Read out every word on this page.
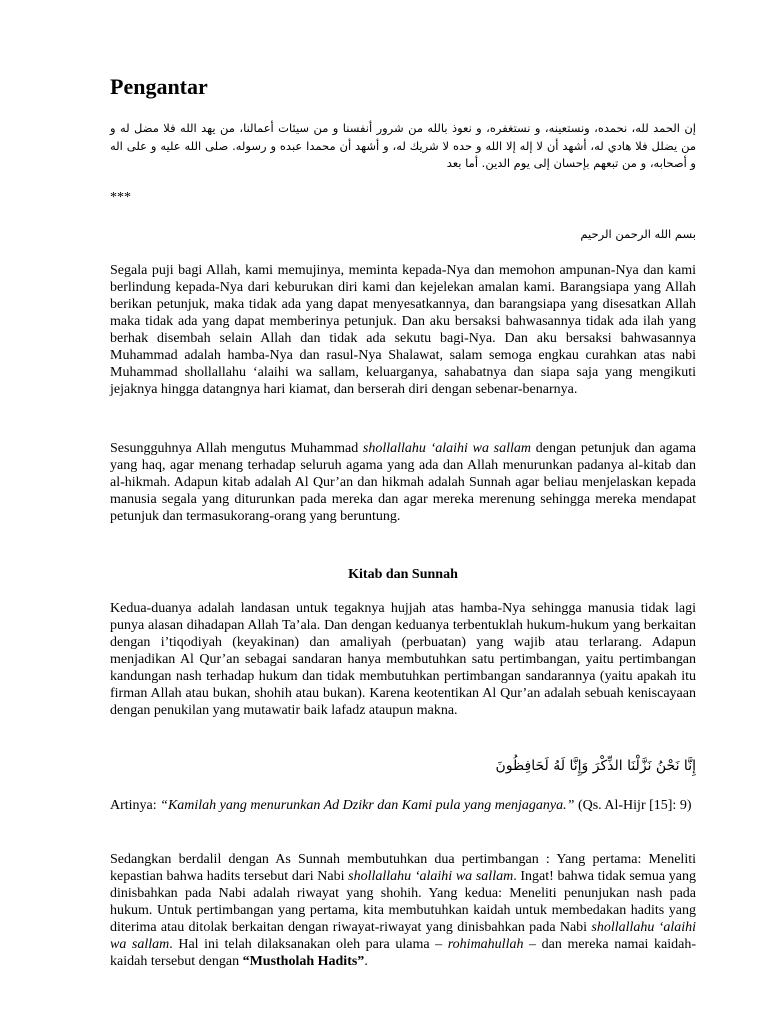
Pengantar
إن الحمد لله، نحمده، ونستعينه، و نستغفره، و نعوذ بالله من شرور أنفسنا و من سيئات أعمالنا، من يهد الله فلا مضل له و من يضلل فلا هادي له، أشهد أن لا إله إلا الله و حده لا شريك له، و أشهد أن محمدا عبده و رسوله. صلى الله عليه و على اله و أصحابه، و من تبعهم بإحسان إلى يوم الدين. أما بعد
***
بسم الله الرحمن الرحيم

Segala puji bagi Allah, kami memujinya, meminta kepada-Nya dan memohon ampunan-Nya dan kami berlindung kepada-Nya dari keburukan diri kami dan kejelekan amalan kami. Barangsiapa yang Allah berikan petunjuk, maka tidak ada yang dapat menyesatkannya, dan barangsiapa yang disesatkan Allah maka tidak ada yang dapat memberinya petunjuk. Dan aku bersaksi bahwasannya tidak ada ilah yang berhak disembah selain Allah dan tidak ada sekutu bagi-Nya. Dan aku bersaksi bahwasannya Muhammad adalah hamba-Nya dan rasul-Nya Shalawat, salam semoga engkau curahkan atas nabi Muhammad shollallahu ‘alaihi wa sallam, keluarganya, sahabatnya dan siapa saja yang mengikuti jejaknya hingga datangnya hari kiamat, dan berserah diri dengan sebenar-benarnya.

Sesungguhnya Allah mengutus Muhammad shollallahu ‘alaihi wa sallam dengan petunjuk dan agama yang haq, agar menang terhadap seluruh agama yang ada dan Allah menurunkan padanya al-kitab dan al-hikmah. Adapun kitab adalah Al Qur’an dan hikmah adalah Sunnah agar beliau menjelaskan kepada manusia segala yang diturunkan pada mereka dan agar mereka merenung sehingga mereka mendapat petunjuk dan termasukorang-orang yang beruntung.

Kitab dan Sunnah

Kedua-duanya adalah landasan untuk tegaknya hujjah atas hamba-Nya sehingga manusia tidak lagi punya alasan dihadapan Allah Ta’ala. Dan dengan keduanya terbentuklah hukum-hukum yang berkaitan dengan i’tiqodiyah (keyakinan) dan amaliyah (perbuatan) yang wajib atau terlarang. Adapun menjadikan Al Qur’an sebagai sandaran hanya membutuhkan satu pertimbangan, yaitu pertimbangan kandungan nash terhadap hukum dan tidak membutuhkan pertimbangan sandarannya (yaitu apakah itu firman Allah atau bukan, shohih atau bukan). Karena keotentikan Al Qur’an adalah sebuah keniscayaan dengan penukilan yang mutawatir baik lafadz ataupun makna.

إِنَّا نَحْنُ نَزَّلْنَا الذِّكْرَ وَإِنَّا لَهُ لَحَافِظُونَ

Artinya: “Kamilah yang menurunkan Ad Dzikr dan Kami pula yang menjaganya.” (Qs. Al-Hijr [15]: 9)

Sedangkan berdalil dengan As Sunnah membutuhkan dua pertimbangan : Yang pertama: Meneliti kepastian bahwa hadits tersebut dari Nabi shollallahu ‘alaihi wa sallam. Ingat! bahwa tidak semua yang dinisbahkan pada Nabi adalah riwayat yang shohih. Yang kedua: Meneliti penunjukan nash pada hukum. Untuk pertimbangan yang pertama, kita membutuhkan kaidah untuk membedakan hadits yang diterima atau ditolak berkaitan dengan riwayat-riwayat yang dinisbahkan pada Nabi shollallahu ‘alaihi wa sallam. Hal ini telah dilaksanakan oleh para ulama – rohimahullah – dan mereka namai kaidah-kaidah tersebut dengan “Mustholah Hadits”.
